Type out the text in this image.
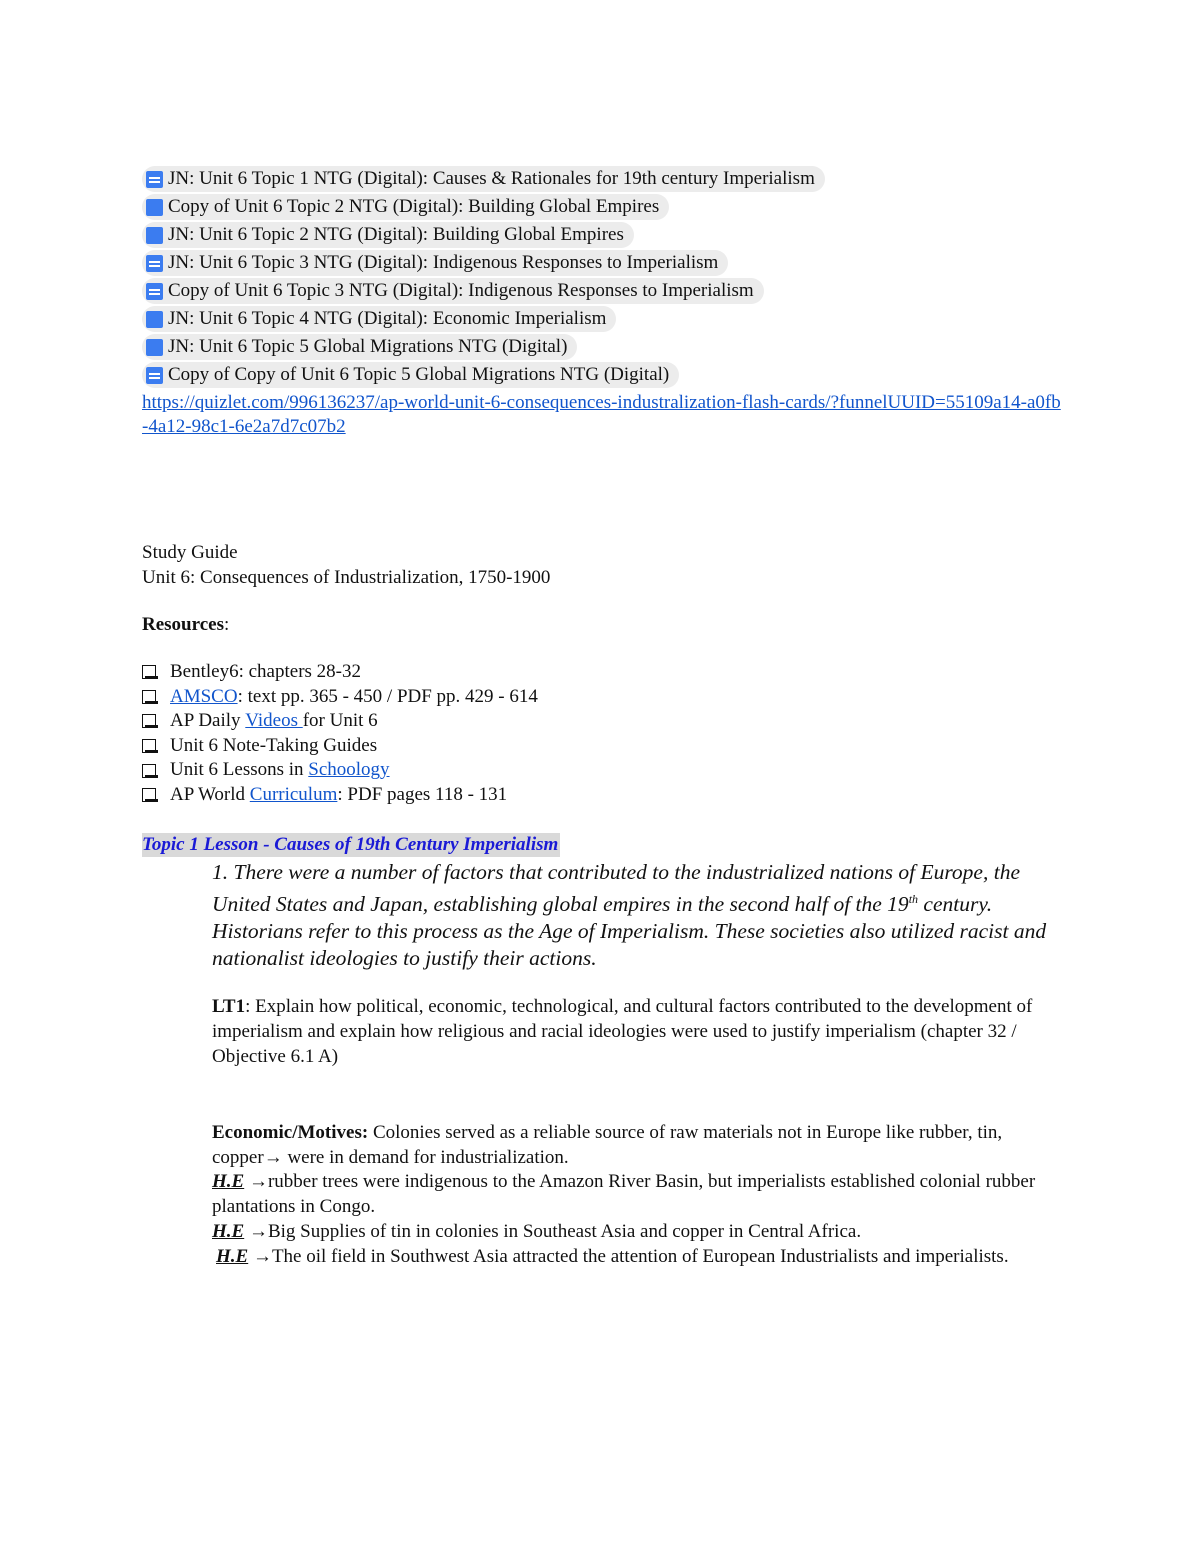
JN: Unit 6 Topic 1 NTG (Digital): Causes & Rationales for 19th century Imperialism
Copy of Unit 6 Topic 2 NTG (Digital): Building Global Empires
JN: Unit 6 Topic 2 NTG (Digital): Building Global Empires
JN: Unit 6 Topic 3 NTG (Digital): Indigenous Responses to Imperialism
Copy of Unit 6 Topic 3 NTG (Digital): Indigenous Responses to Imperialism
JN: Unit 6 Topic 4 NTG (Digital): Economic Imperialism
JN: Unit 6 Topic 5 Global Migrations NTG (Digital)
Copy of Copy of Unit 6 Topic 5 Global Migrations NTG (Digital)
https://quizlet.com/996136237/ap-world-unit-6-consequences-industralization-flash-cards/?funnelUUID=55109a14-a0fb-4a12-98c1-6e2a7d7c07b2
Study Guide
Unit 6: Consequences of Industrialization, 1750-1900
Resources:
Bentley6: chapters 28-32
AMSCO : text pp. 365 - 450 / PDF pp. 429 - 614
AP Daily Videos for Unit 6
Unit 6 Note-Taking Guides
Unit 6 Lessons in Schoology
AP World Curriculum : PDF pages 118 - 131
Topic 1 Lesson - Causes of 19th Century Imperialism
1. There were a number of factors that contributed to the industrialized nations of Europe, the United States and Japan, establishing global empires in the second half of the 19th century. Historians refer to this process as the Age of Imperialism. These societies also utilized racist and nationalist ideologies to justify their actions.
LT1: Explain how political, economic, technological, and cultural factors contributed to the development of imperialism and explain how religious and racial ideologies were used to justify imperialism (chapter 32 / Objective 6.1 A)
Economic/Motives: Colonies served as a reliable source of raw materials not in Europe like rubber, tin, copper→ were in demand for industrialization.
H.E →rubber trees were indigenous to the Amazon River Basin, but imperialists established colonial rubber plantations in Congo.
H.E →Big Supplies of tin in colonies in Southeast Asia and copper in Central Africa.
H.E →The oil field in Southwest Asia attracted the attention of European Industrialists and imperialists.
